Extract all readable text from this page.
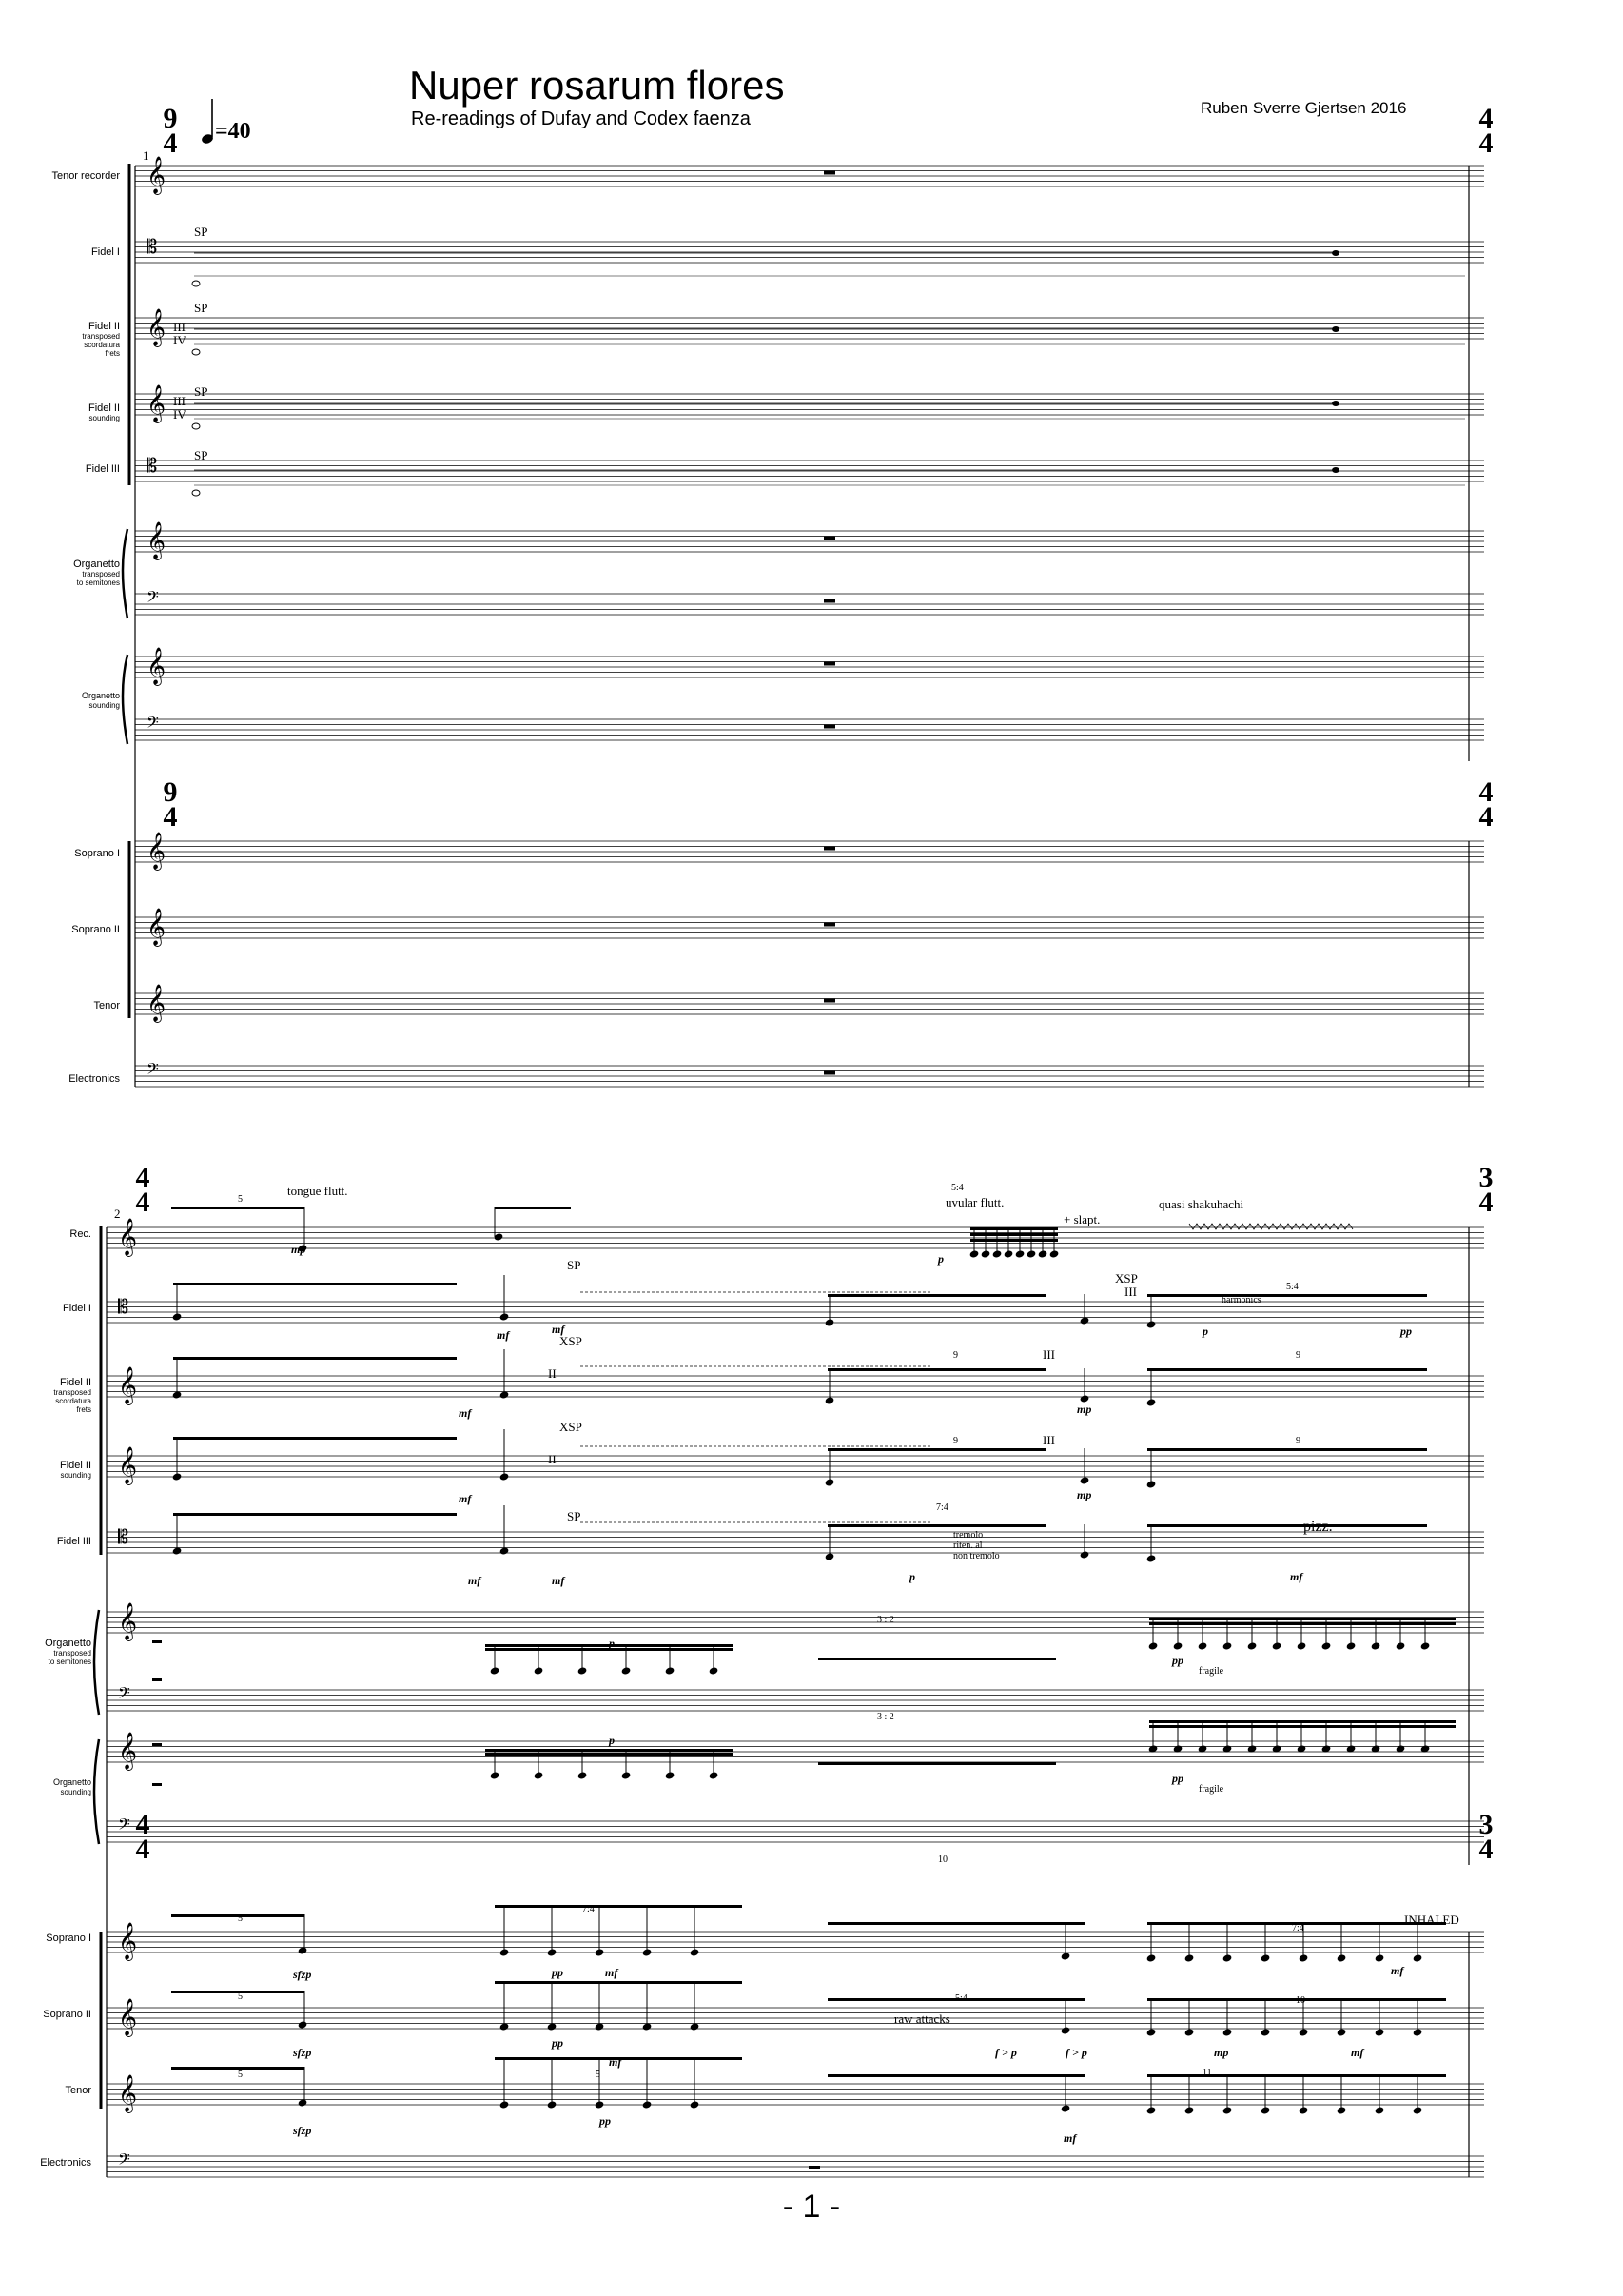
Nuper rosarum flores
Re-readings of Dufay and Codex faenza
Ruben Sverre Gjertsen 2016
=40
9
4
4
4
9
4
4
4
4
4
3
4
4
4
3
4
Tenor recorder
Fidel I
Fidel II
transposed
scordatura
frets
Fidel II
sounding
Fidel III
Organetto
transposed
to semitones
Organetto
sounding
Soprano I
Soprano II
Tenor
Electronics
Rec.
Fidel I
Fidel II
transposed
scordatura
frets
Fidel II
sounding
Fidel III
Organetto
transposed
to semitones
Organetto
sounding
Soprano I
Soprano II
Tenor
Electronics
𝄞
𝄡
𝄞
𝄞
𝄡
𝄞
𝄢
𝄞
𝄢
𝄞
𝄞
𝄞
𝄢
𝄞
𝄡
𝄞
𝄞
𝄡
𝄞
𝄢
𝄞
𝄢
𝄞
𝄞
𝄞
𝄢
SP
SP
SP
SP
III
IV
III
IV
5
tongue flutt.
mp
5:4
uvular flutt.
+ slapt.
quasi shakuhachi
p
SP
mf	mf
XSP
III	5:4
harmonics
p	pp
XSP
II
III
mf	mp
9	9
XSP
II
III
mf	mp
9	9
SP
7:4
tremolo
riten. al
non tremolo
pizz.
mf	mf	p	mf
3 : 2
p
pp
fragile
3 : 2
p
pp
fragile
10
5
7:4
7:4
INHALED
sfzp	pp	mf	mf
5	5:4
raw attacks
10
sfzp
pp
mf
f > p	f > p	mp	mf
5	5	11
sfzp
pp
mf
1
2
- 1 -
